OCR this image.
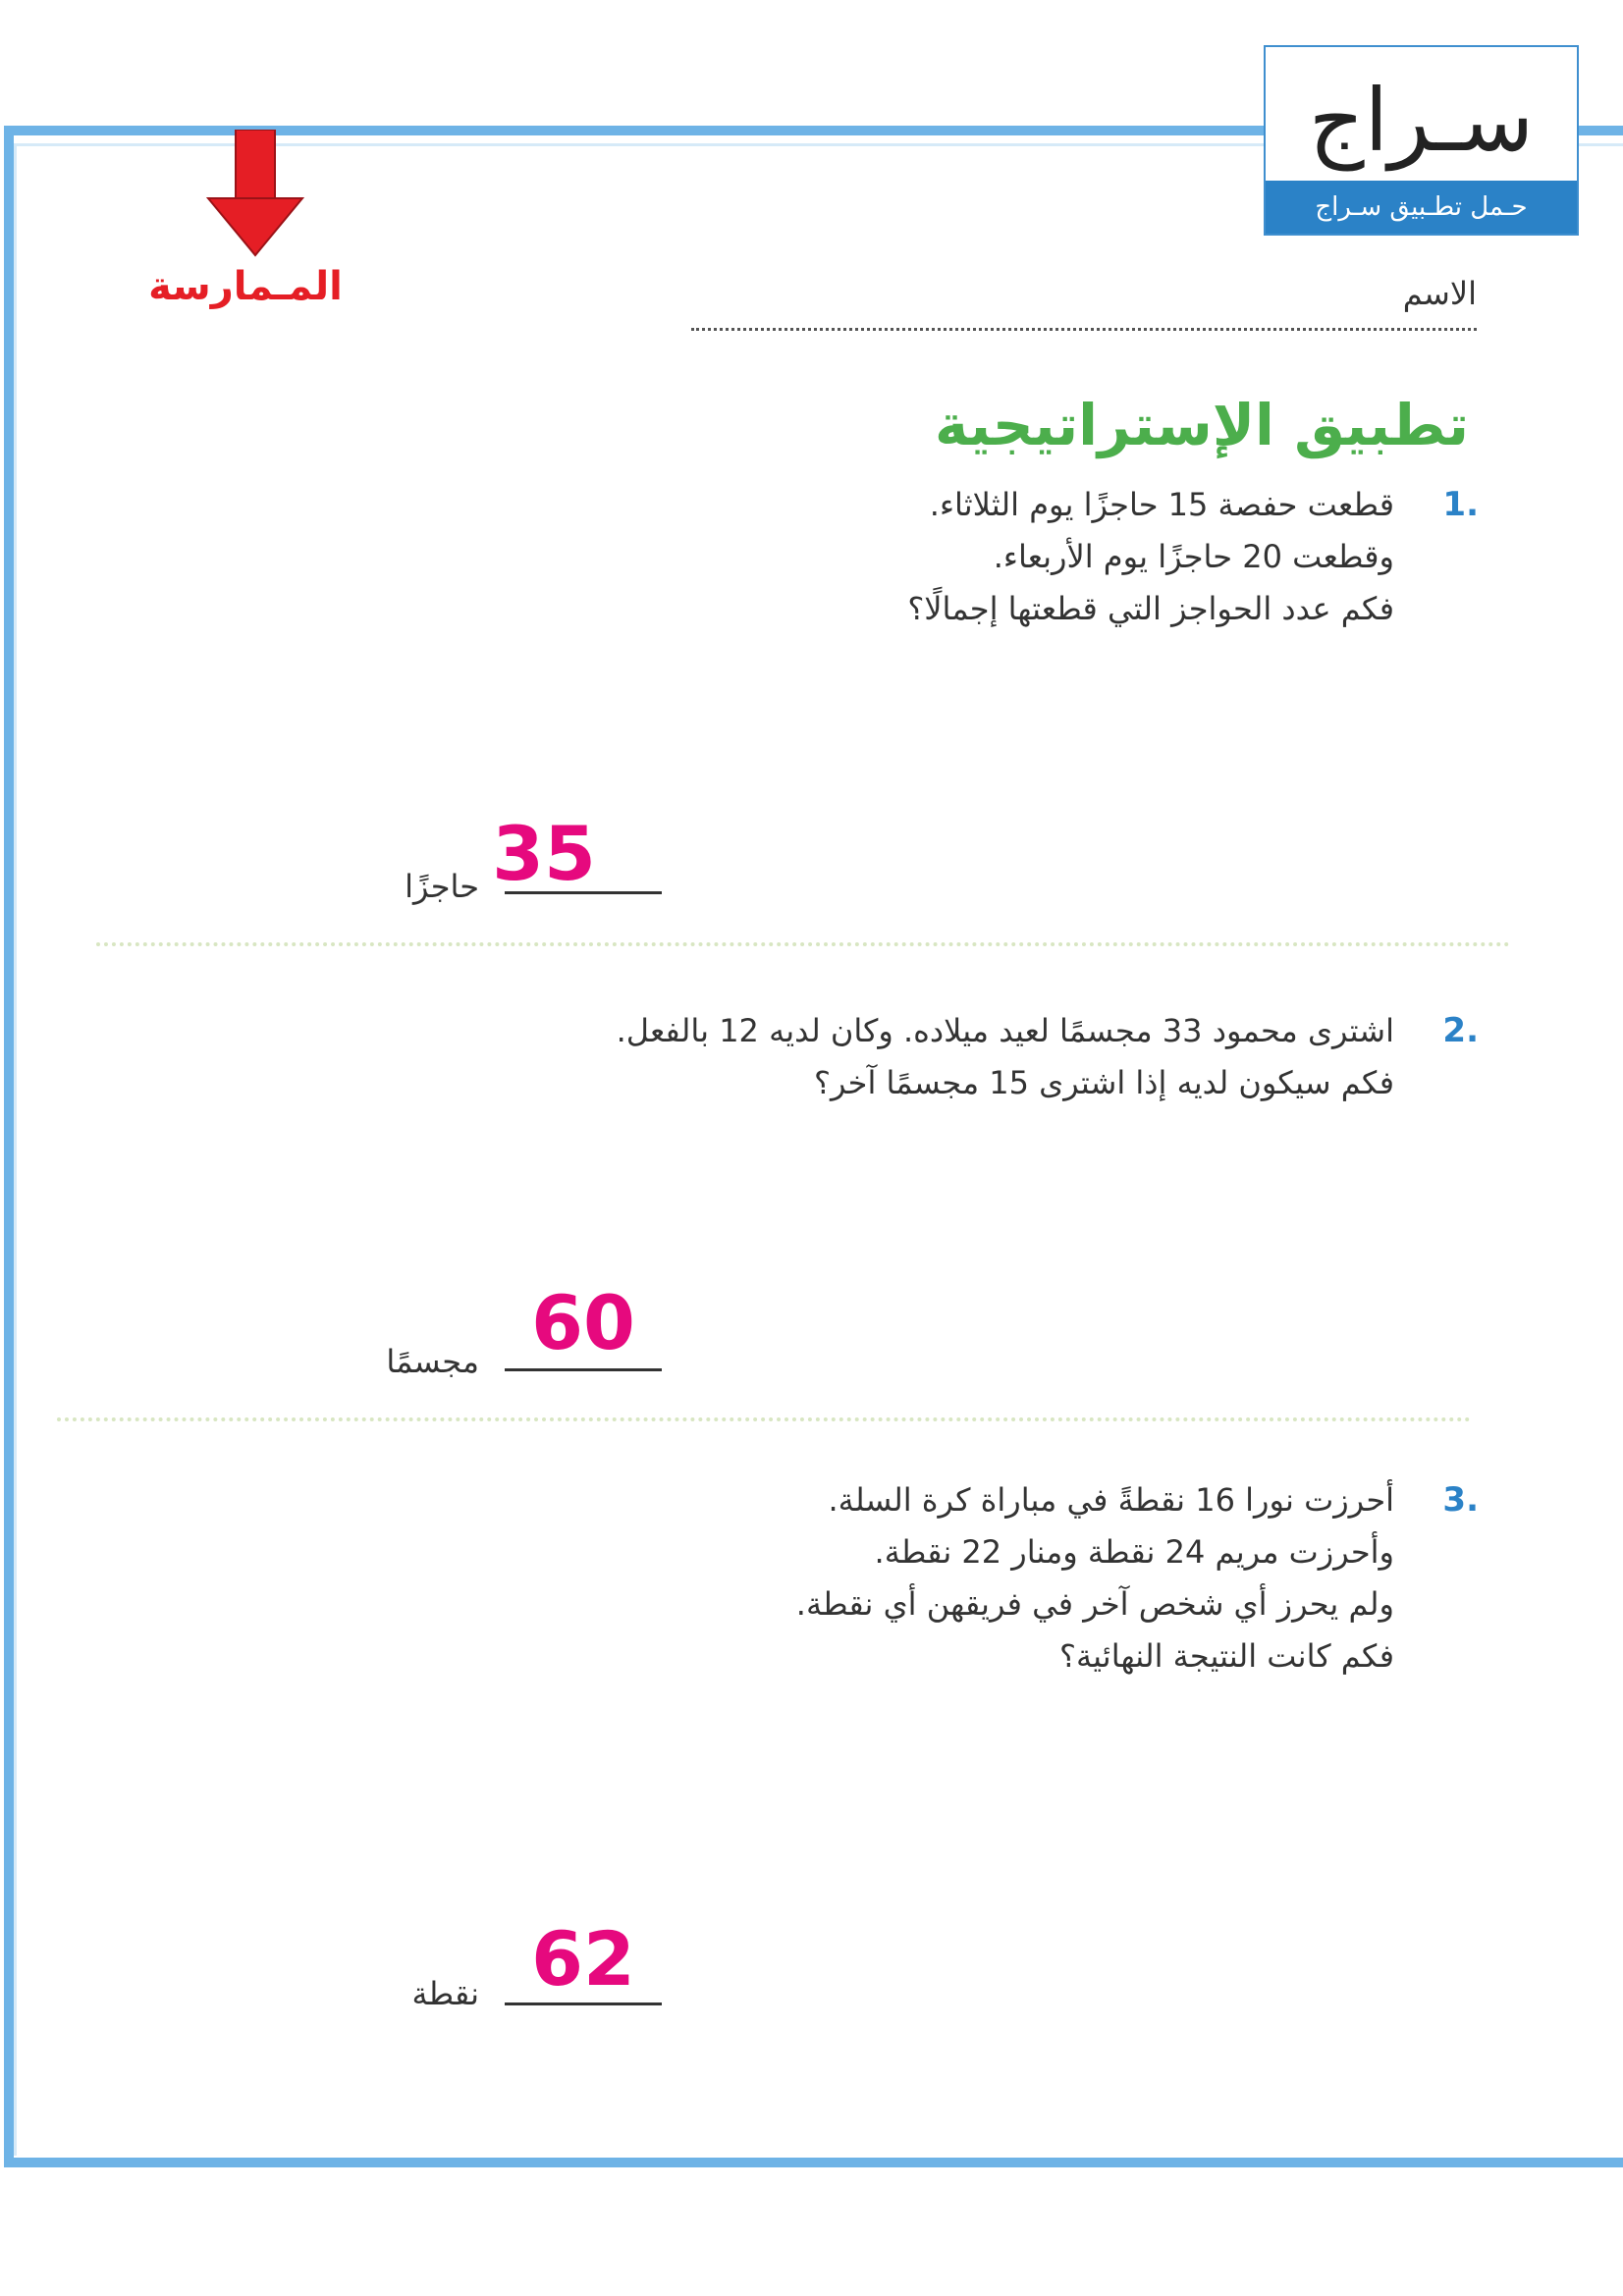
سـراج
حـمل تطـبيق سـراج
المـمارسة	الاسم
تطبيق الإستراتيجية
1.
قطعت حفصة 15 حاجزًا يوم الثلاثاء.
وقطعت 20 حاجزًا يوم الأربعاء.
فكم عدد الحواجز التي قطعتها إجمالًا؟
35
حاجزًا
2.
اشترى محمود 33 مجسمًا لعيد ميلاده. وكان لديه 12 بالفعل.
فكم سيكون لديه إذا اشترى 15 مجسمًا آخر؟
60
مجسمًا
3.
أحرزت نورا 16 نقطةً في مباراة كرة السلة.
وأحرزت مريم 24 نقطة ومنار 22 نقطة.
ولم يحرز أي شخص آخر في فريقهن أي نقطة.
فكم كانت النتيجة النهائية؟
62
نقطة
